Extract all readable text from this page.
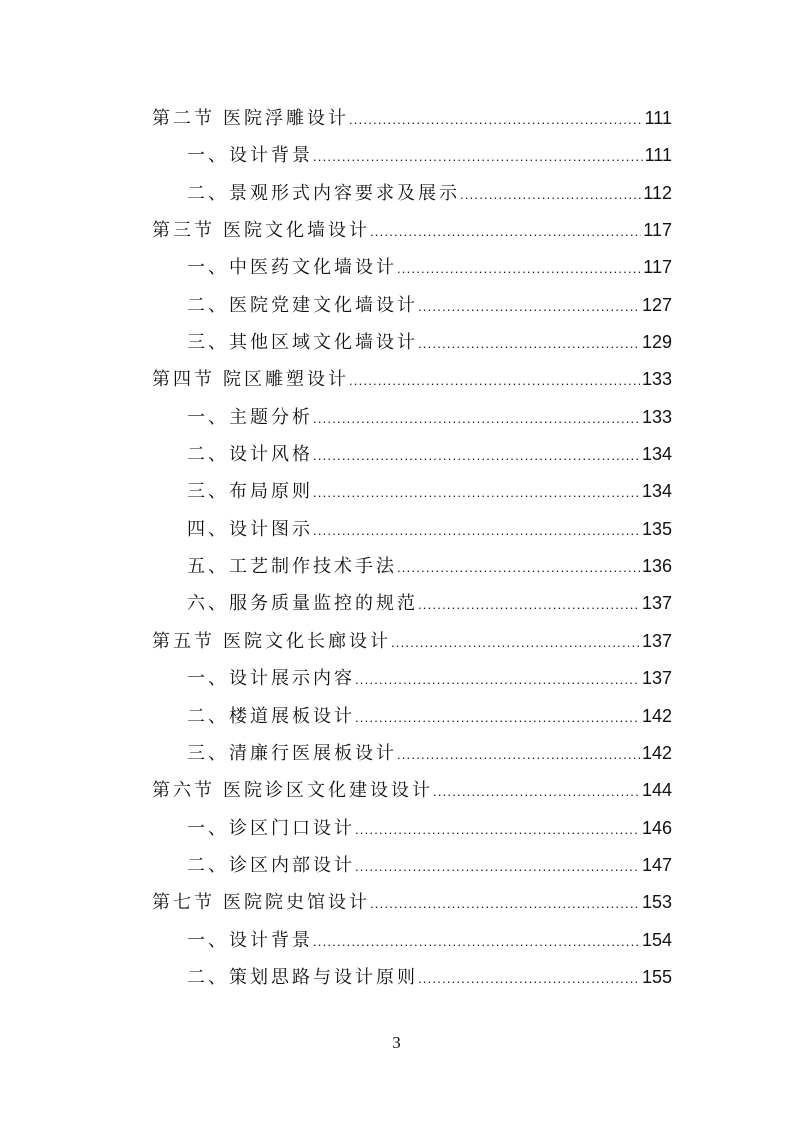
第二节 医院浮雕设计 .....	111
一、设计背景 .....	111
二、景观形式内容要求及展示 .....	112
第三节 医院文化墙设计 .....	117
一、中医药文化墙设计 .....	117
二、医院党建文化墙设计 .....	127
三、其他区域文化墙设计 .....	129
第四节 院区雕塑设计 .....	133
一、主题分析 .....	133
二、设计风格 .....	134
三、布局原则 .....	134
四、设计图示 .....	135
五、工艺制作技术手法 .....	136
六、服务质量监控的规范 .....	137
第五节 医院文化长廊设计 .....	137
一、设计展示内容 .....	137
二、楼道展板设计 .....	142
三、清廉行医展板设计 .....	142
第六节 医院诊区文化建设设计 .....	144
一、诊区门口设计 .....	146
二、诊区内部设计 .....	147
第七节 医院院史馆设计 .....	153
一、设计背景 .....	154
二、策划思路与设计原则 .....	155
3
